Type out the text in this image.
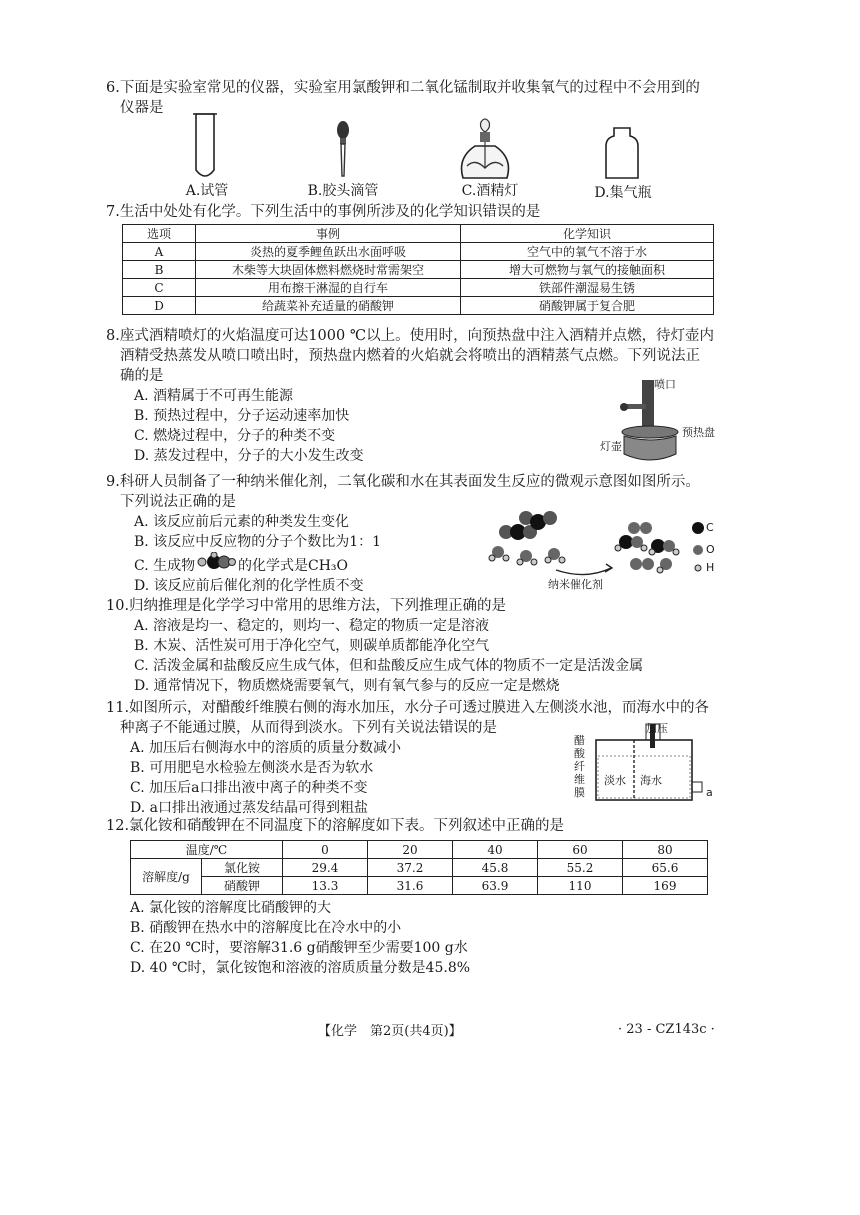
6.下面是实验室常见的仪器，实验室用氯酸钾和二氧化锰制取并收集氧气的过程中不会用到的
仪器是
A.试管	B.胶头滴管	C.酒精灯	D.集气瓶
7.生活中处处有化学。下列生活中的事例所涉及的化学知识错误的是
选项	事例	化学知识
A	炎热的夏季鲤鱼跃出水面呼吸	空气中的氧气不溶于水
B	木柴等大块固体燃料燃烧时常需架空	增大可燃物与氧气的接触面积
C	用布擦干淋湿的自行车	铁部件潮湿易生锈
D	给蔬菜补充适量的硝酸钾	硝酸钾属于复合肥
8.座式酒精喷灯的火焰温度可达1000 ℃以上。使用时，向预热盘中注入酒精并点燃，待灯壶内
酒精受热蒸发从喷口喷出时，预热盘内燃着的火焰就会将喷出的酒精蒸气点燃。下列说法正
确的是
A. 酒精属于不可再生能源
B. 预热过程中，分子运动速率加快
C. 燃烧过程中，分子的种类不变
D. 蒸发过程中，分子的大小发生改变
喷口
预热盘
灯壶
9.科研人员制备了一种纳米催化剂，二氧化碳和水在其表面发生反应的微观示意图如图所示。
下列说法正确的是
A. 该反应前后元素的种类发生变化
B. 该反应中反应物的分子个数比为1：1
C. 生成物	的化学式是CH₃O
D. 该反应前后催化剂的化学性质不变
C
O
H
纳米催化剂
10.归纳推理是化学学习中常用的思维方法，下列推理正确的是
A. 溶液是均一、稳定的，则均一、稳定的物质一定是溶液
B. 木炭、活性炭可用于净化空气，则碳单质都能净化空气
C. 活泼金属和盐酸反应生成气体，但和盐酸反应生成气体的物质不一定是活泼金属
D. 通常情况下，物质燃烧需要氧气，则有氧气参与的反应一定是燃烧
11.如图所示，对醋酸纤维膜右侧的海水加压，水分子可透过膜进入左侧淡水池，而海水中的各
种离子不能通过膜，从而得到淡水。下列有关说法错误的是
A. 加压后右侧海水中的溶质的质量分数减小
B. 可用肥皂水检验左侧淡水是否为软水
C. 加压后a口排出液中离子的种类不变
D. a口排出液通过蒸发结晶可得到粗盐
加压
醋酸纤维膜
淡水 海水
a
12.氯化铵和硝酸钾在不同温度下的溶解度如下表。下列叙述中正确的是
温度/℃		0	20	40	60	80
溶解度/g	氯化铵	29.4	37.2	45.8	55.2	65.6
	硝酸钾	13.3	31.6	63.9	110	169
A. 氯化铵的溶解度比硝酸钾的大
B. 硝酸钾在热水中的溶解度比在冷水中的小
C. 在20 ℃时，要溶解31.6 g硝酸钾至少需要100 g水
D. 40 ℃时，氯化铵饱和溶液的溶质质量分数是45.8%
【化学　第2页(共4页)】	· 23 - CZ143c ·
